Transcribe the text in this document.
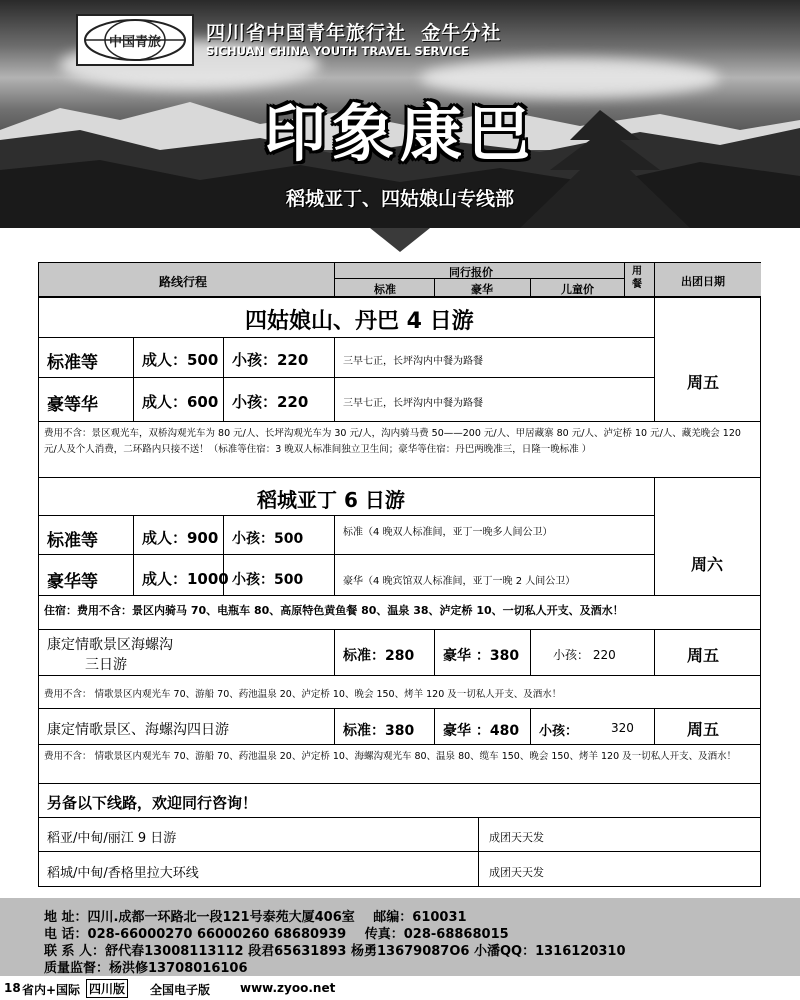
中国青旅 四川省中国青年旅行社 金牛分社
SICHUAN CHINA YOUTH TRAVEL SERVICE
印象康巴
稻城亚丁、四姑娘山专线部
路线行程
同行报价
标准	豪华	儿童价
用餐	出团日期
四姑娘山、丹巴 4 日游
标准等	成人：500 小孩：220	三早七正，长坪沟内中餐为路餐
豪等华	成人：600 小孩：220	三早七正，长坪沟内中餐为路餐
周五
费用不含：景区观光车，双桥沟观光车为 80 元/人、长坪沟观光车为 30 元/人，沟内骑马费 50——200 元/人、甲居藏寨 80 元/人、泸定桥 10 元/人、藏羌晚会 120 元/人及个人消费，二环路内只接不送！（标准等住宿：3 晚双人标准间独立卫生间；豪华等住宿：丹巴两晚准三，日隆一晚标准 ）
稻城亚丁 6 日游
标准等	成人：900 小孩：500	标准（4 晚双人标准间，亚丁一晚多人间公卫）
豪华等	成人：1000 小孩：500	豪华（4 晚宾馆双人标准间，亚丁一晚 2 人间公卫）
周六
住宿：费用不含：景区内骑马 70、电瓶车 80、高原特色黄鱼餐 80、温泉 38、泸定桥 10、一切私人开支、及酒水！
康定情歌景区海螺沟
三日游
标准：280 豪华 ：380	小孩： 220	周五
费用不含： 情歌景区内观光车 70、游船 70、药池温泉 20、泸定桥 10、晚会 150、烤羊 120 及一切私人开支、及酒水！
康定情歌景区、海螺沟四日游	标准：380 豪华 ：480 小孩：	320	周五
费用不含： 情歌景区内观光车 70、游船 70、药池温泉 20、泸定桥 10、海螺沟观光车 80、温泉 80、缆车 150、晚会 150、烤羊 120 及一切私人开支、及酒水！
另备以下线路，欢迎同行咨询！
稻亚/中甸/丽江 9 日游	成团天天发
稻城/中甸/香格里拉大环线	成团天天发
地 址：四川.成都一环路北一段121号泰苑大厦406室 邮编：610031
电 话：028-66000270 66000260 68680939 传真：028-68868015
联 系 人：舒代春13008113112 段君65631893 杨勇13679087O6 小潘QQ：1316120310
质量监督：杨洪修13708016106
18 省内+国际 四川版 全国电子版 www.zyoo.net
